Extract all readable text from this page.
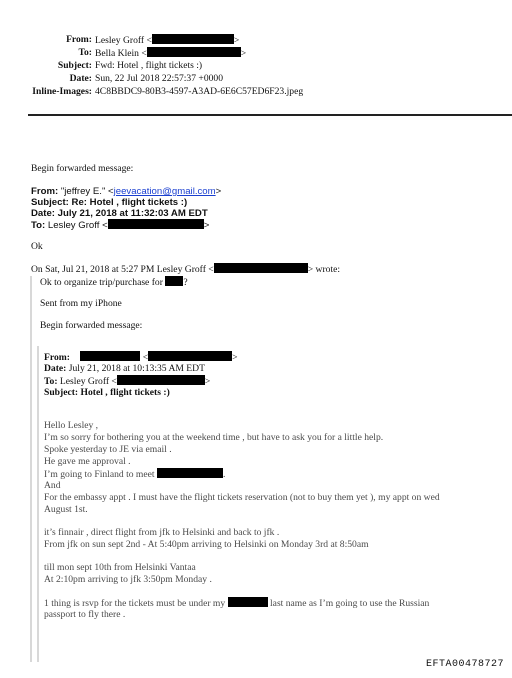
From: Lesley Groff <	>
To: Bella Klein <	>
Subject: Fwd: Hotel , flight tickets :)
Date: Sun, 22 Jul 2018 22:57:37 +0000
Inline-Images: 4C8BBDC9-80B3-4597-A3AD-6E6C57ED6F23.jpeg
Begin forwarded message:
From: "jeffrey E." <jeevacation@gmail.com>
Subject: Re: Hotel , flight tickets :)
Date: July 21, 2018 at 11:32:03 AM EDT
To: Lesley Groff <	>
Ok
On Sat, Jul 21, 2018 at 5:27 PM Lesley Groff <	> wrote:
Ok to organize trip/purchase for ?
Sent from my iPhone
Begin forwarded message:
From:	<	>
Date: July 21, 2018 at 10:13:35 AM EDT
To: Lesley Groff <	>
Subject: Hotel , flight tickets :)
Hello Lesley ,
I’m so sorry for bothering you at the weekend time , but have to ask you for a little help.
Spoke yesterday to JE via email .
He gave me approval .
I’m going to Finland to meet	.
And
For the embassy appt . I must have the flight tickets reservation (not to buy them yet ), my appt on wed
August 1st.
it’s finnair , direct flight from jfk to Helsinki and back to jfk .
From jfk on sun sept 2nd - At 5:40pm arriving to Helsinki on Monday 3rd at 8:50am
till mon sept 10th from Helsinki Vantaa
At 2:10pm arriving to jfk 3:50pm Monday .
1 thing is rsvp for the tickets must be under my	last name as I’m going to use the Russian
passport to fly there .
EFTA00478727
